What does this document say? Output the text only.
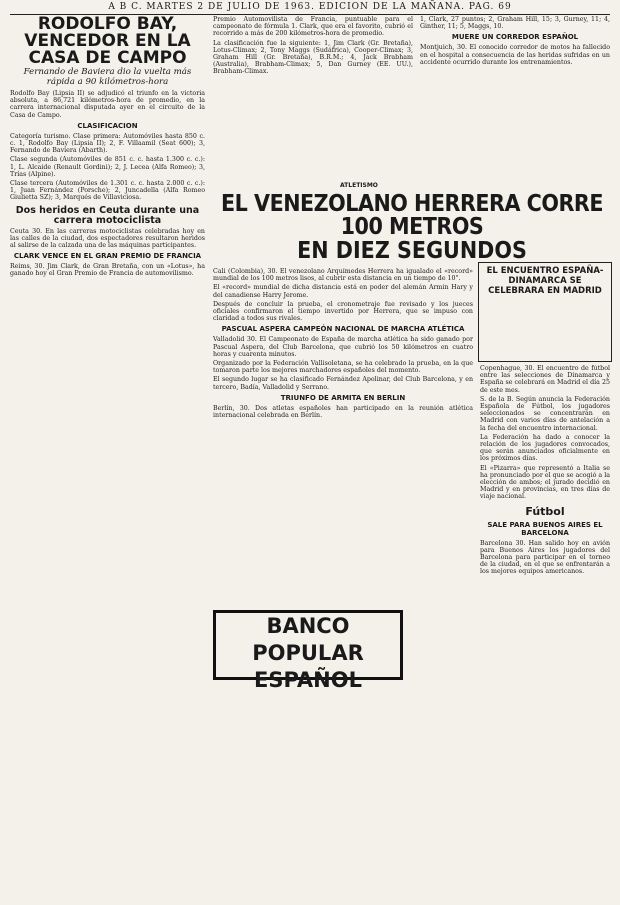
A B C. MARTES 2 DE JULIO DE 1963. EDICION DE LA MAÑANA. PAG. 69
RODOLFO BAY, VENCEDOR EN LA CASA DE CAMPO
Fernando de Baviera dio la vuelta más rápida a 90 kilómetros-hora

Rodolfo Bay (Lipsia II) se adjudicó el triunfo en la victoria absoluta, a 86,721 kilómetros-hora de promedio, en la carrera internacional disputada ayer en el circuito de la Casa de Campo.

CLASIFICACION

Categoría turismo. Clase primera: Automóviles hasta 850 c. c. 1, Rodolfo Bay (Lipsia II); 2, F. Villaamil (Seat 600); 3, Fernando de Baviera (Abarth).

Clase segunda (Automóviles de 851 c. c. hasta 1.300 c. c.): 1, L. Alcaide (Renault Gordini); 2, J. Lecea (Alfa Romeo); 3, Trías (Alpine).

Clase tercera (Automóviles de 1.301 c. c. hasta 2.000 c. c.): 1, Juan Fernández (Porsche); 2, Juncadella (Alfa Romeo Giulietta SZ); 3, Marqués de Villaviciosa.

Dos heridos en Ceuta durante una carrera motociclista

Ceuta 30. En las carreras motociclistas celebradas hoy en las calles de la ciudad, dos espectadores resultaron heridos al salirse de la calzada una de las máquinas participantes.

CLARK VENCE EN EL GRAN PREMIO DE FRANCIA

Reims, 30. Jim Clark, de Gran Bretaña, con un «Lotus», ha ganado hoy el Gran Premio de Francia de automovilismo.

Premio Automovilista de Francia, puntuable para el campeonato de fórmula 1. Clark, que era el favorito, cubrió el recorrido a más de 200 kilómetros-hora de promedio.

La clasificación fue la siguiente: 1, Jim Clark (Gr. Bretaña), Lotus-Climax; 2, Tony Maggs (Sudáfrica), Cooper-Climax; 3, Graham Hill (Gr. Bretaña), B.R.M.; 4, Jack Brabham (Australia), Brabham-Climax; 5, Dan Gurney (EE. UU.), Brabham-Climax.

1, Clark, 27 puntos; 2, Graham Hill, 15; 3, Gurney, 11; 4, Ginther, 11; 5, Maggs, 10.

MUERE UN CORREDOR ESPAÑOL

Montjuich, 30. El conocido corredor de motos ha fallecido en el hospital a consecuencia de las heridas sufridas en un accidente ocurrido durante los entrenamientos.

ATLETISMO
EL VENEZOLANO HERRERA CORRE 100 METROS
EN DIEZ SEGUNDOS

Cali (Colombia), 30. El venezolano Arquímedes Herrera ha igualado el «record» mundial de los 100 metros lisos, al cubrir esta distancia en un tiempo de 10".

El «record» mundial de dicha distancia está en poder del alemán Armin Hary y del canadiense Harry Jerome.

Después de concluir la prueba, el cronometraje fue revisado y los jueces oficiales confirmaron el tiempo invertido por Herrera, que se impuso con claridad a todos sus rivales.

PASCUAL ASPERA CAMPEÓN NACIONAL DE MARCHA ATLÉTICA

Valladolid 30. El Campeonato de España de marcha atlética ha sido ganado por Pascual Aspera, del Club Barcelona, que cubrió los 50 kilómetros en cuatro horas y cuarenta minutos.

Organizado por la Federación Vallisoletana, se ha celebrado la prueba, en la que tomaron parte los mejores marchadores españoles del momento.

El segundo lugar se ha clasificado Fernández Apolinar, del Club Barcelona, y en tercero, Badía, Valladolid y Serrano.

TRIUNFO DE ARMITA EN BERLIN

Berlín, 30. Dos atletas españoles han participado en la reunión atlética internacional celebrada en Berlín.

EL ENCUENTRO ESPAÑA-DINAMARCA SE CELEBRARA EN MADRID

Copenhague, 30. El encuentro de fútbol entre las selecciones de Dinamarca y España se celebrará en Madrid el día 25 de este mes.

S. de la B. Según anuncia la Federación Española de Fútbol, los jugadores seleccionados se concentrarán en Madrid con varios días de antelación a la fecha del encuentro internacional.

La Federación ha dado a conocer la relación de los jugadores convocados, que serán anunciados oficialmente en los próximos días.

El «Pizarra» que representó a Italia se ha pronunciado por el que se acogió a la elección de ambos; el jurado decidió en Madrid y en provincias, en tres días de viaje nacional.

Fútbol
SALE PARA BUENOS AIRES EL BARCELONA

Barcelona 30. Han salido hoy en avión para Buenos Aires los jugadores del Barcelona para participar en el torneo de la ciudad, en el que se enfrentarán a los mejores equipos americanos.

BANCO POPULAR
ESPAÑOL
